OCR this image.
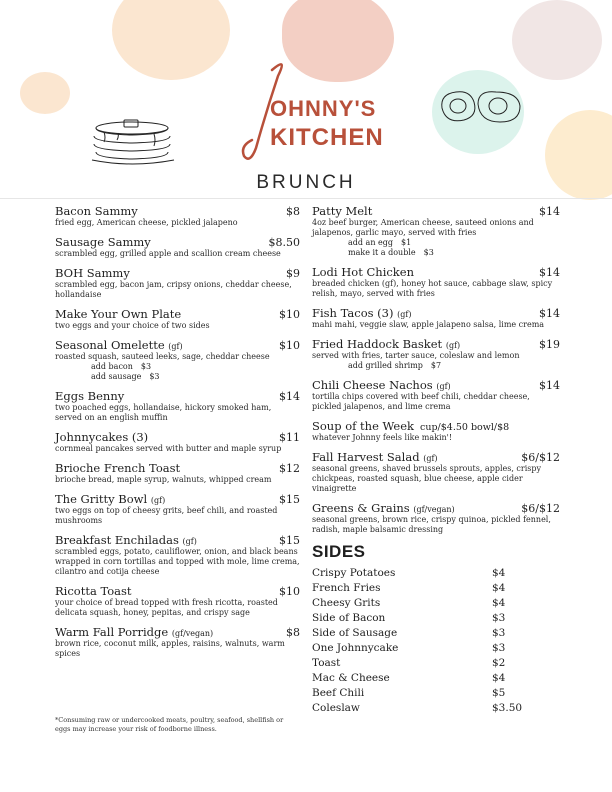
OHNNY'S
KITCHEN
BRUNCH
Bacon Sammy	$8
fried egg, American cheese, pickled jalapeno
Sausage Sammy	$8.50
scrambled egg, grilled apple and scallion cream cheese
BOH Sammy	$9
scrambled egg, bacon jam, cripsy onions, cheddar cheese, hollandaise
Make Your Own Plate	$10
two eggs and your choice of two sides
Seasonal Omelette (gf)	$10
roasted squash, sauteed leeks, sage, cheddar cheese
add bacon $3
add sausage $3
Eggs Benny	$14
two poached eggs, hollandaise, hickory smoked ham, served on an english muffin
Johnnycakes (3)	$11
cornmeal pancakes served with butter and maple syrup
Brioche French Toast	$12
brioche bread, maple syrup, walnuts, whipped cream
The Gritty Bowl (gf)	$15
two eggs on top of cheesy grits, beef chili, and roasted mushrooms
Breakfast Enchiladas (gf)	$15
scrambled eggs, potato, cauliflower, onion, and black beans wrapped in corn tortillas and topped with mole, lime crema, cilantro and cotija cheese
Ricotta Toast	$10
your choice of bread topped with fresh ricotta, roasted delicata squash, honey, pepitas, and crispy sage
Warm Fall Porridge (gf/vegan)	$8
brown rice, coconut milk, apples, raisins, walnuts, warm spices
Patty Melt	$14
4oz beef burger, American cheese, sauteed onions and jalapenos, garlic mayo, served with fries
add an egg $1
make it a double $3
Lodi Hot Chicken	$14
breaded chicken (gf), honey hot sauce, cabbage slaw, spicy relish, mayo, served with fries
Fish Tacos (3) (gf)	$14
mahi mahi, veggie slaw, apple jalapeno salsa, lime crema
Fried Haddock Basket (gf)	$19
served with fries, tarter sauce, coleslaw and lemon
add grilled shrimp $7
Chili Cheese Nachos (gf)	$14
tortilla chips covered with beef chili, cheddar cheese, pickled jalapenos, and lime crema
Soup of the Week cup/$4.50 bowl/$8
whatever Johnny feels like makin'!
Fall Harvest Salad (gf)	$6/$12
seasonal greens, shaved brussels sprouts, apples, crispy chickpeas, roasted squash, blue cheese, apple cider vinaigrette
Greens & Grains (gf/vegan)	$6/$12
seasonal greens, brown rice, crispy quinoa, pickled fennel, radish, maple balsamic dressing
SIDES
Crispy Potatoes	$4
French Fries	$4
Cheesy Grits	$4
Side of Bacon	$3
Side of Sausage	$3
One Johnnycake	$3
Toast	$2
Mac & Cheese	$4
Beef Chili	$5
Coleslaw	$3.50
*Consuming raw or undercooked meats, poultry, seafood, shellfish or eggs may increase your risk of foodborne illness.
